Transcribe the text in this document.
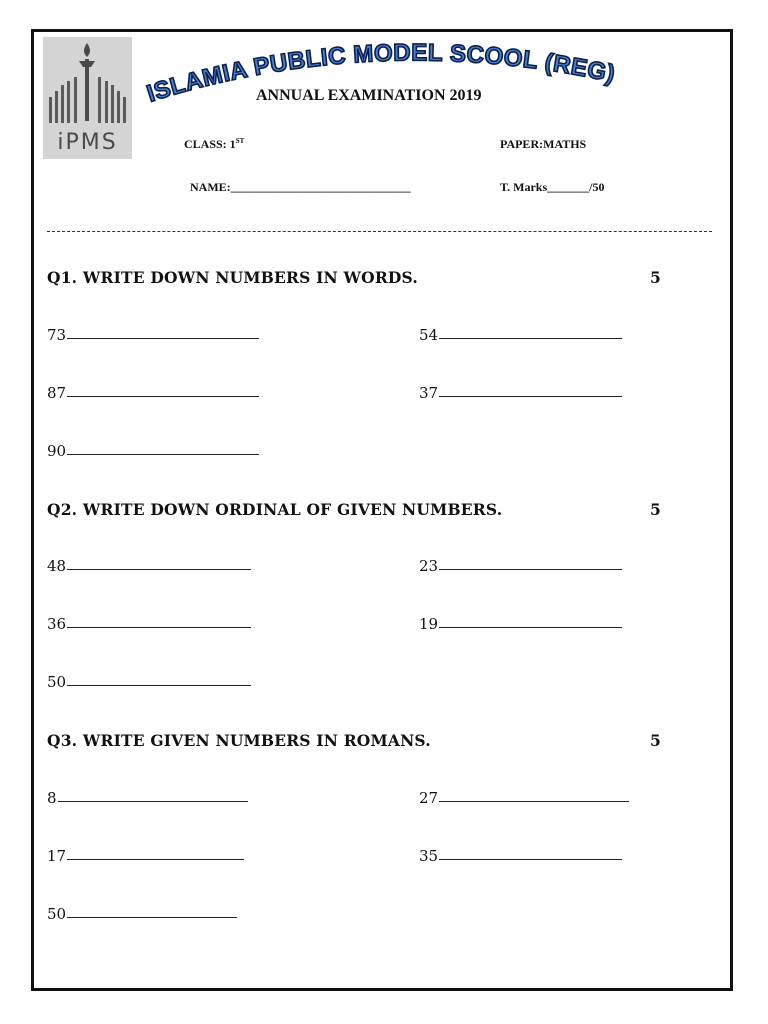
iPMS
ISLAMIA PUBLIC MODEL SCOOL (REG)
ANNUAL EXAMINATION 2019
CLASS: 1ST	PAPER:MATHS
NAME:______________________________	T. Marks_______/50
Q1. WRITE DOWN NUMBERS IN WORDS.	5
73	54
87	37
90
Q2. WRITE DOWN ORDINAL OF GIVEN NUMBERS.	5
48	23
36	19
50
Q3. WRITE GIVEN NUMBERS IN ROMANS.	5
8	27
17	35
50
